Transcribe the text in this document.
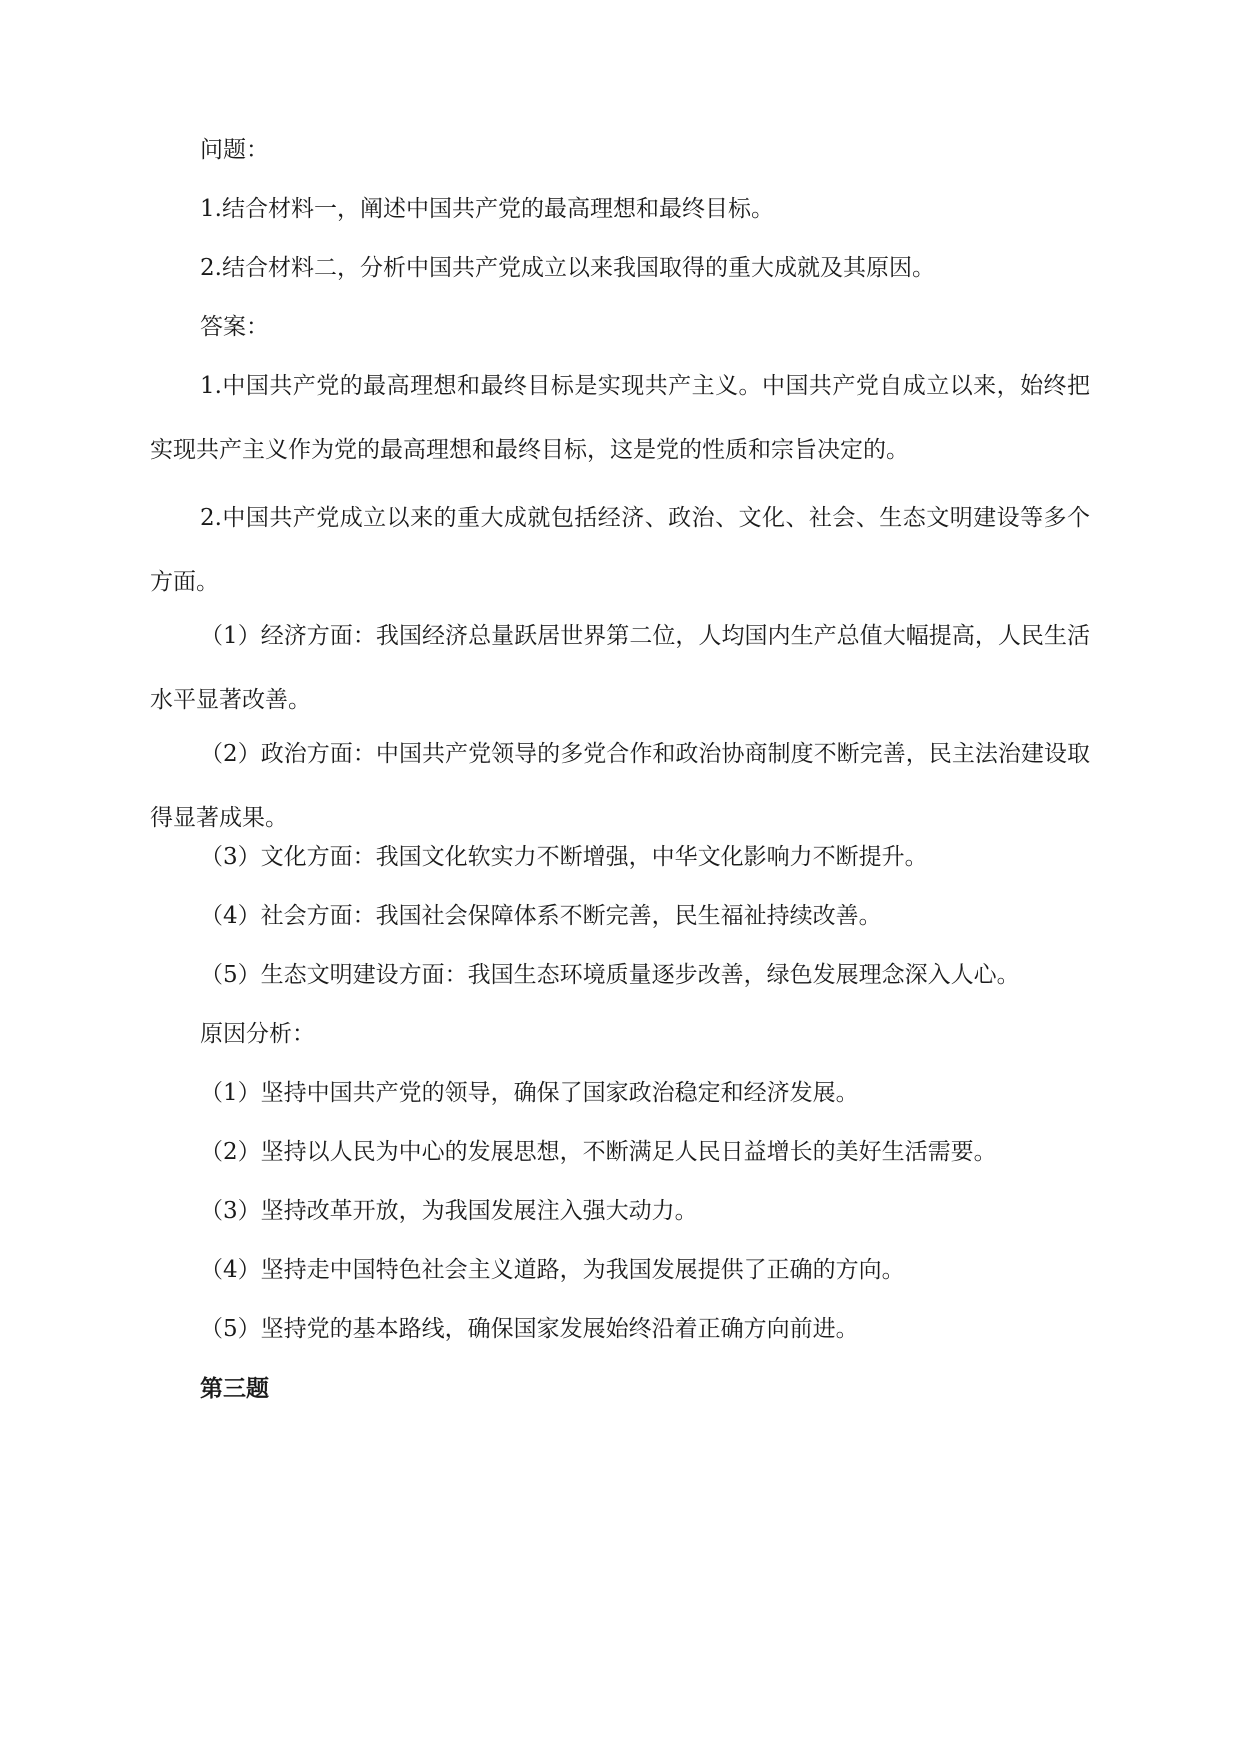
问题：

1.结合材料一，阐述中国共产党的最高理想和最终目标。

2.结合材料二，分析中国共产党成立以来我国取得的重大成就及其原因。

答案：

1.中国共产党的最高理想和最终目标是实现共产主义。中国共产党自成立以来，始终把实现共产主义作为党的最高理想和最终目标，这是党的性质和宗旨决定的。

2.中国共产党成立以来的重大成就包括经济、政治、文化、社会、生态文明建设等多个方面。

（1）经济方面：我国经济总量跃居世界第二位，人均国内生产总值大幅提高，人民生活水平显著改善。

（2）政治方面：中国共产党领导的多党合作和政治协商制度不断完善，民主法治建设取得显著成果。

（3）文化方面：我国文化软实力不断增强，中华文化影响力不断提升。

（4）社会方面：我国社会保障体系不断完善，民生福祉持续改善。

（5）生态文明建设方面：我国生态环境质量逐步改善，绿色发展理念深入人心。

原因分析：

（1）坚持中国共产党的领导，确保了国家政治稳定和经济发展。

（2）坚持以人民为中心的发展思想，不断满足人民日益增长的美好生活需要。

（3）坚持改革开放，为我国发展注入强大动力。

（4）坚持走中国特色社会主义道路，为我国发展提供了正确的方向。

（5）坚持党的基本路线，确保国家发展始终沿着正确方向前进。

第三题
